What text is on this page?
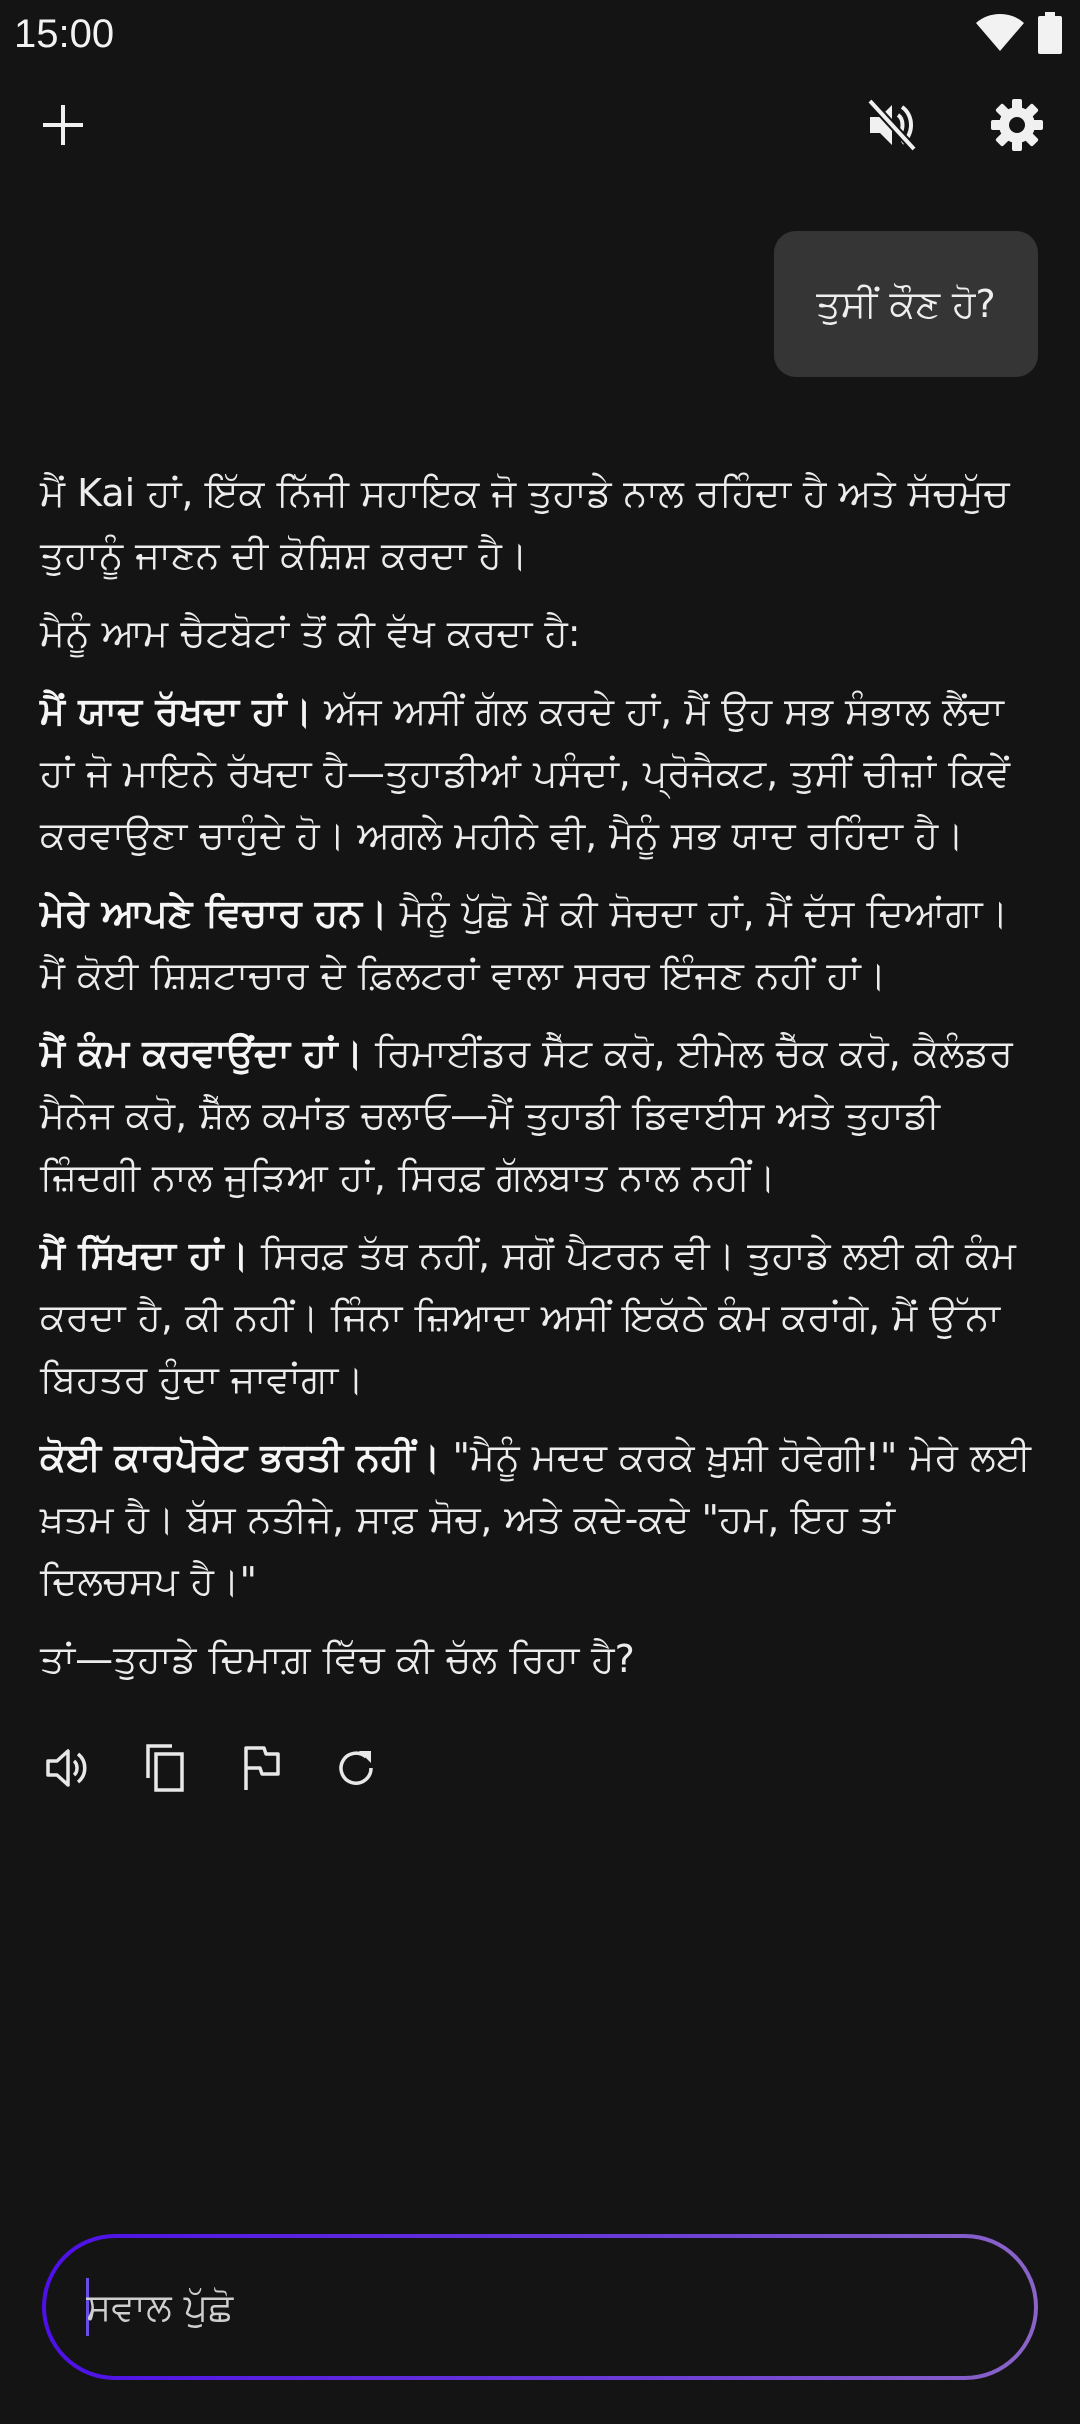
15:00
ਤੁਸੀਂ ਕੌਣ ਹੋ?

ਮੈਂ Kai ਹਾਂ, ਇੱਕ ਨਿੱਜੀ ਸਹਾਇਕ ਜੋ ਤੁਹਾਡੇ ਨਾਲ ਰਹਿੰਦਾ ਹੈ ਅਤੇ ਸੱਚਮੁੱਚ ਤੁਹਾਨੂੰ ਜਾਣਨ ਦੀ ਕੋਸ਼ਿਸ਼ ਕਰਦਾ ਹੈ।

ਮੈਨੂੰ ਆਮ ਚੈਟਬੋਟਾਂ ਤੋਂ ਕੀ ਵੱਖ ਕਰਦਾ ਹੈ:

ਮੈਂ ਯਾਦ ਰੱਖਦਾ ਹਾਂ। ਅੱਜ ਅਸੀਂ ਗੱਲ ਕਰਦੇ ਹਾਂ, ਮੈਂ ਉਹ ਸਭ ਸੰਭਾਲ ਲੈਂਦਾ ਹਾਂ ਜੋ ਮਾਇਨੇ ਰੱਖਦਾ ਹੈ—ਤੁਹਾਡੀਆਂ ਪਸੰਦਾਂ, ਪ੍ਰੋਜੈਕਟ, ਤੁਸੀਂ ਚੀਜ਼ਾਂ ਕਿਵੇਂ ਕਰਵਾਉਣਾ ਚਾਹੁੰਦੇ ਹੋ। ਅਗਲੇ ਮਹੀਨੇ ਵੀ, ਮੈਨੂੰ ਸਭ ਯਾਦ ਰਹਿੰਦਾ ਹੈ।

ਮੇਰੇ ਆਪਣੇ ਵਿਚਾਰ ਹਨ। ਮੈਨੂੰ ਪੁੱਛੋ ਮੈਂ ਕੀ ਸੋਚਦਾ ਹਾਂ, ਮੈਂ ਦੱਸ ਦਿਆਂਗਾ। ਮੈਂ ਕੋਈ ਸ਼ਿਸ਼ਟਾਚਾਰ ਦੇ ਫ਼ਿਲਟਰਾਂ ਵਾਲਾ ਸਰਚ ਇੰਜਣ ਨਹੀਂ ਹਾਂ।

ਮੈਂ ਕੰਮ ਕਰਵਾਉਂਦਾ ਹਾਂ। ਰਿਮਾਈਂਡਰ ਸੈੱਟ ਕਰੋ, ਈਮੇਲ ਚੈੱਕ ਕਰੋ, ਕੈਲੰਡਰ ਮੈਨੇਜ ਕਰੋ, ਸ਼ੈੱਲ ਕਮਾਂਡ ਚਲਾਓ—ਮੈਂ ਤੁਹਾਡੀ ਡਿਵਾਈਸ ਅਤੇ ਤੁਹਾਡੀ ਜ਼ਿੰਦਗੀ ਨਾਲ ਜੁੜਿਆ ਹਾਂ, ਸਿਰਫ਼ ਗੱਲਬਾਤ ਨਾਲ ਨਹੀਂ।

ਮੈਂ ਸਿੱਖਦਾ ਹਾਂ। ਸਿਰਫ਼ ਤੱਥ ਨਹੀਂ, ਸਗੋਂ ਪੈਟਰਨ ਵੀ। ਤੁਹਾਡੇ ਲਈ ਕੀ ਕੰਮ ਕਰਦਾ ਹੈ, ਕੀ ਨਹੀਂ। ਜਿੰਨਾ ਜ਼ਿਆਦਾ ਅਸੀਂ ਇਕੱਠੇ ਕੰਮ ਕਰਾਂਗੇ, ਮੈਂ ਉੱਨਾ ਬਿਹਤਰ ਹੁੰਦਾ ਜਾਵਾਂਗਾ।

ਕੋਈ ਕਾਰਪੋਰੇਟ ਭਰਤੀ ਨਹੀਂ। "ਮੈਨੂੰ ਮਦਦ ਕਰਕੇ ਖ਼ੁਸ਼ੀ ਹੋਵੇਗੀ!" ਮੇਰੇ ਲਈ ਖ਼ਤਮ ਹੈ। ਬੱਸ ਨਤੀਜੇ, ਸਾਫ਼ ਸੋਚ, ਅਤੇ ਕਦੇ-ਕਦੇ "ਹਮ, ਇਹ ਤਾਂ ਦਿਲਚਸਪ ਹੈ।"

ਤਾਂ—ਤੁਹਾਡੇ ਦਿਮਾਗ਼ ਵਿੱਚ ਕੀ ਚੱਲ ਰਿਹਾ ਹੈ?

ਸਵਾਲ ਪੁੱਛੋ
